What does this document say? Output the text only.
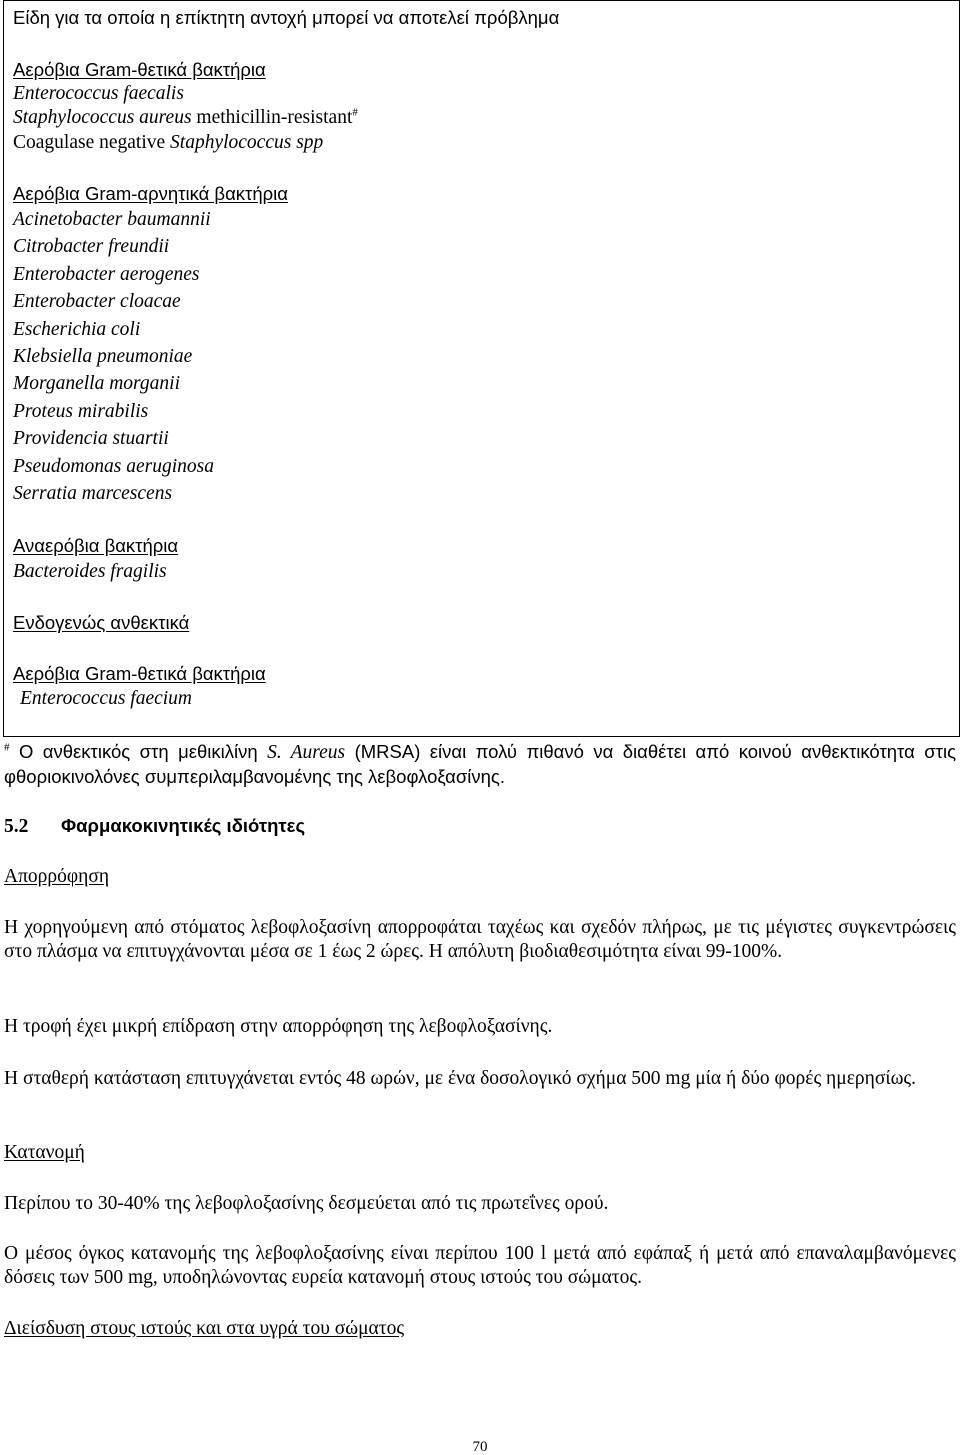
Είδη για τα οποία η επίκτητη αντοχή μπορεί να αποτελεί πρόβλημα
Αερόβια Gram-θετικά βακτήρια
Enterococcus faecalis
Staphylococcus aureus methicillin-resistant#
Coagulase negative Staphylococcus spp
Αερόβια Gram-αρνητικά βακτήρια
Acinetobacter baumannii
Citrobacter freundii
Enterobacter aerogenes
Enterobacter cloacae
Escherichia coli
Klebsiella pneumoniae
Morganella morganii
Proteus mirabilis
Providencia stuartii
Pseudomonas aeruginosa
Serratia marcescens
Αναερόβια βακτήρια
Bacteroides fragilis
Ενδογενώς ανθεκτικά
Αερόβια Gram-θετικά βακτήρια
Enterococcus faecium
# Ο ανθεκτικός στη μεθικιλίνη S. Aureus (MRSA) είναι πολύ πιθανό να διαθέτει από κοινού ανθεκτικότητα στις φθοριοκινολόνες συμπεριλαμβανομένης της λεβοφλοξασίνης.
5.2 Φαρμακοκινητικές ιδιότητες
Απορρόφηση
Η χορηγούμενη από στόματος λεβοφλοξασίνη απορροφάται ταχέως και σχεδόν πλήρως, με τις μέγιστες συγκεντρώσεις στο πλάσμα να επιτυγχάνονται μέσα σε 1 έως 2 ώρες. Η απόλυτη βιοδιαθεσιμότητα είναι 99-100%.
Η τροφή έχει μικρή επίδραση στην απορρόφηση της λεβοφλοξασίνης.
Η σταθερή κατάσταση επιτυγχάνεται εντός 48 ωρών, με ένα δοσολογικό σχήμα 500 mg μία ή δύο φορές ημερησίως.
Κατανομή
Περίπου το 30-40% της λεβοφλοξασίνης δεσμεύεται από τις πρωτεΐνες ορού.
Ο μέσος όγκος κατανομής της λεβοφλοξασίνης είναι περίπου 100 l μετά από εφάπαξ ή μετά από επαναλαμβανόμενες δόσεις των 500 mg, υποδηλώνοντας ευρεία κατανομή στους ιστούς του σώματος.
Διείσδυση στους ιστούς και στα υγρά του σώματος
70
